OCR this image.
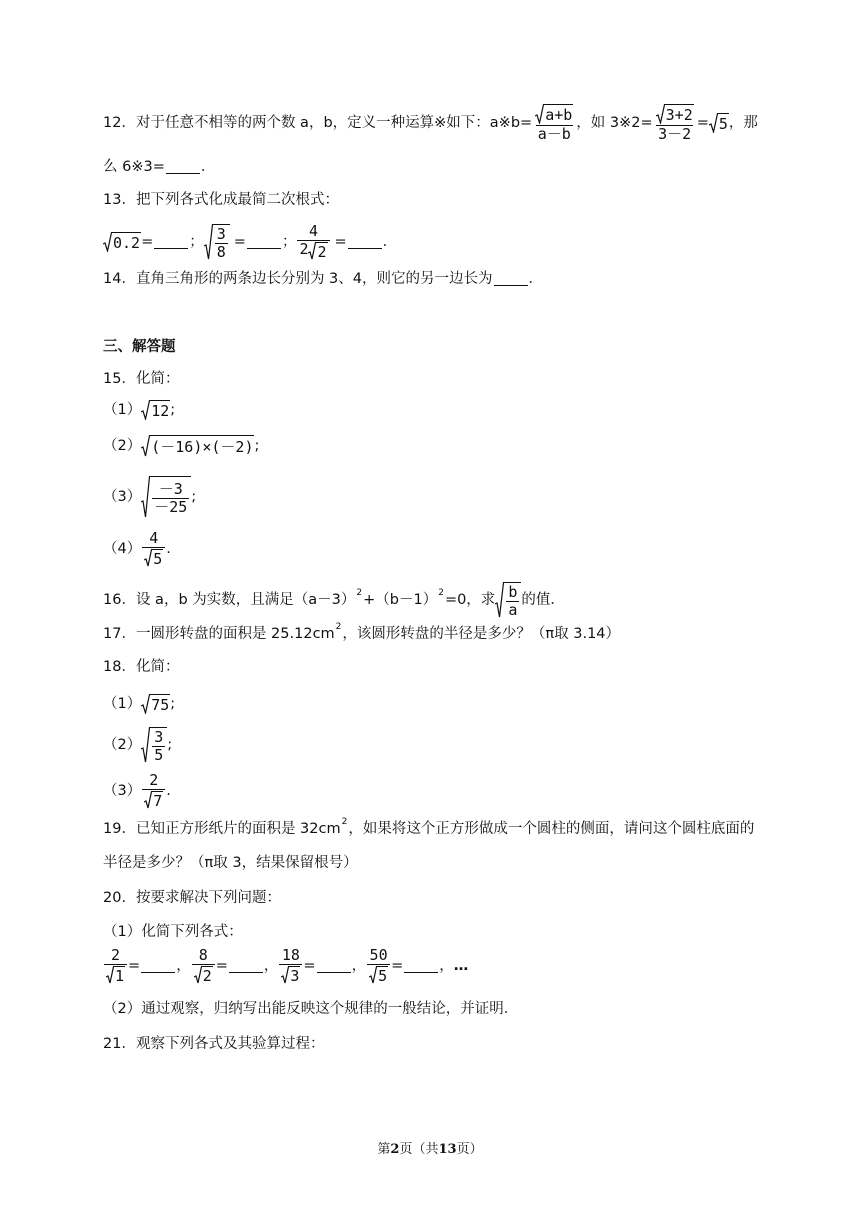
12．对于任意不相等的两个数 a，b，定义一种运算※如下：a※b= $\frac{a+b}{a-b}$ ，如 3※2= $\frac{3+2}{3-2} = 5$ ，那
么 6※3= ．
13．把下列各式化成最简二次根式：
0.2 = ； $\frac{3}{8}$ = ； $\frac{4}{2 2}$ = ．
14．直角三角形的两条边长分别为 3、4，则它的另一边长为 ．
三、解答题
15．化简：
（1） 12 ;
（2） (－16)×(－2) ;
$(3) \frac{-3}{-25}$ ;
$(4) \frac{4}{5}$ .
16．设 a，b 为实数，且满足（a－3） 2 +（b－1） 2 =0，求 $\frac{b}{a}$ 的值．
17．一圆形转盘的面积是 25.12cm 2 ，该圆形转盘的半径是多少？（π取 3.14）
18．化简：
（1） 75 ;
$(2) \frac{3}{5}$ ;
$(3) \frac{2}{7}$ .
19．已知正方形纸片的面积是 32cm 2 ，如果将这个正方形做成一个圆柱的侧面，请问这个圆柱底面的
半径是多少？（π取 3，结果保留根号）
20．按要求解决下列问题：
（1）化简下列各式：
$\frac{2}{1}$ = ， $\frac{8}{2}$ = ， $\frac{18}{3}$ = ， $\frac{50}{5}$ = ， …
（2）通过观察，归纳写出能反映这个规律的一般结论，并证明．
21．观察下列各式及其验算过程：
第2页（共13页）
